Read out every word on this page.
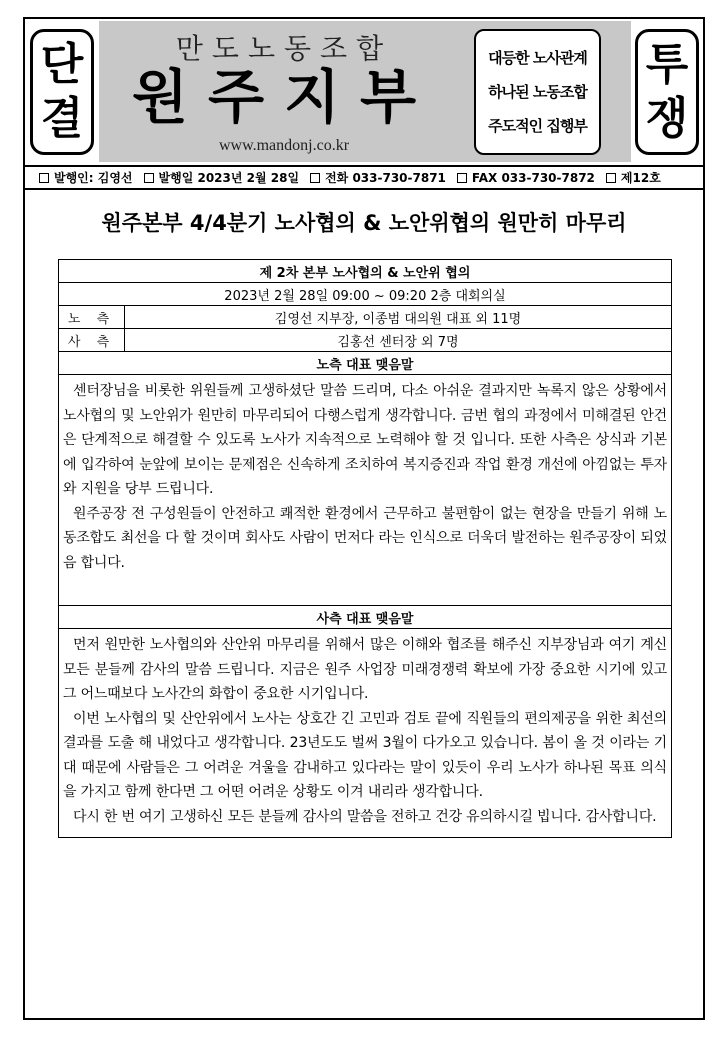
단
결
만도노동조합
원주지부
www.mandonj.co.kr
대등한 노사관계
하나된 노동조합
주도적인 집행부
투
쟁
발행인: 김영선 발행일 2023년 2월 28일 전화 033-730-7871 FAX 033-730-7872 제12호
원주본부 4/4분기 노사협의 & 노안위협의 원만히 마무리
제 2차 본부 노사협의 & 노안위 협의	
2023년 2월 28일 09:00 ~ 09:20 2층 대회의실	
노 측	김영선 지부장, 이종범 대의원 대표 외 11명
사 측	김홍선 센터장 외 7명
노측 대표 맺음말	

센터장님을 비롯한 위원들께 고생하셨단 말씀 드리며, 다소 아쉬운 결과지만 녹록지 않은 상황에서 노사협의 및 노안위가 원만히 마무리되어 다행스럽게 생각합니다. 금번 협의 과정에서 미해결된 안건은 단계적으로 해결할 수 있도록 노사가 지속적으로 노력해야 할 것 입니다. 또한 사측은 상식과 기본에 입각하여 눈앞에 보이는 문제점은 신속하게 조치하여 복지증진과 작업 환경 개선에 아낌없는 투자와 지원을 당부 드립니다.

원주공장 전 구성원들이 안전하고 쾌적한 환경에서 근무하고 불편함이 없는 현장을 만들기 위해 노동조합도 최선을 다 할 것이며 회사도 사람이 먼저다 라는 인식으로 더욱더 발전하는 원주공장이 되었음 합니다.	

사측 대표 맺음말	

먼저 원만한 노사협의와 산안위 마무리를 위해서 많은 이해와 협조를 해주신 지부장님과 여기 계신 모든 분들께 감사의 말씀 드립니다. 지금은 원주 사업장 미래경쟁력 확보에 가장 중요한 시기에 있고 그 어느때보다 노사간의 화합이 중요한 시기입니다.

이번 노사협의 및 산안위에서 노사는 상호간 긴 고민과 검토 끝에 직원들의 편의제공을 위한 최선의 결과를 도출 해 내었다고 생각합니다. 23년도도 벌써 3월이 다가오고 있습니다. 봄이 올 것 이라는 기대 때문에 사람들은 그 어려운 겨울을 감내하고 있다라는 말이 있듯이 우리 노사가 하나된 목표 의식을 가지고 함께 한다면 그 어떤 어려운 상황도 이겨 내리라 생각합니다.

다시 한 번 여기 고생하신 모든 분들께 감사의 말씀을 전하고 건강 유의하시길 빕니다. 감사합니다.	
